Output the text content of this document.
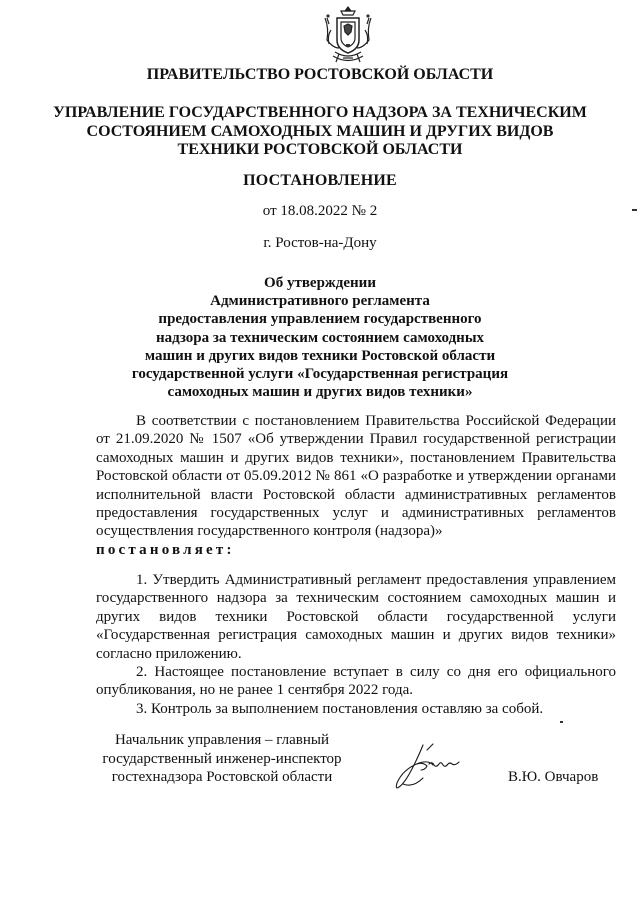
ПРАВИТЕЛЬСТВО РОСТОВСКОЙ ОБЛАСТИ
УПРАВЛЕНИЕ ГОСУДАРСТВЕННОГО НАДЗОРА ЗА ТЕХНИЧЕСКИМ
СОСТОЯНИЕМ САМОХОДНЫХ МАШИН И ДРУГИХ ВИДОВ
ТЕХНИКИ РОСТОВСКОЙ ОБЛАСТИ
ПОСТАНОВЛЕНИЕ
от 18.08.2022 № 2
г. Ростов-на-Дону
Об утверждении
Административного регламента
предоставления управлением государственного
надзора за техническим состоянием самоходных
машин и других видов техники Ростовской области
государственной услуги «Государственная регистрация
самоходных машин и других видов техники»
В соответствии с постановлением Правительства Российской Федерации от 21.09.2020 № 1507 «Об утверждении Правил государственной регистрации самоходных машин и других видов техники», постановлением Правительства Ростовской области от 05.09.2012 № 861 «О разработке и утверждении органами исполнительной власти Ростовской области административных регламентов предоставления государственных услуг и административных регламентов осуществления государственного контроля (надзора)»
постановляет:

1. Утвердить Административный регламент предоставления управлением государственного надзора за техническим состоянием самоходных машин и других видов техники Ростовской области государственной услуги «Государственная регистрация самоходных машин и других видов техники» согласно приложению.

2. Настоящее постановление вступает в силу со дня его официального опубликования, но не ранее 1 сентября 2022 года.

3. Контроль за выполнением постановления оставляю за собой.

Начальник управления – главный
государственный инженер-инспектор
гостехнадзора Ростовской области	В.Ю. Овчаров
